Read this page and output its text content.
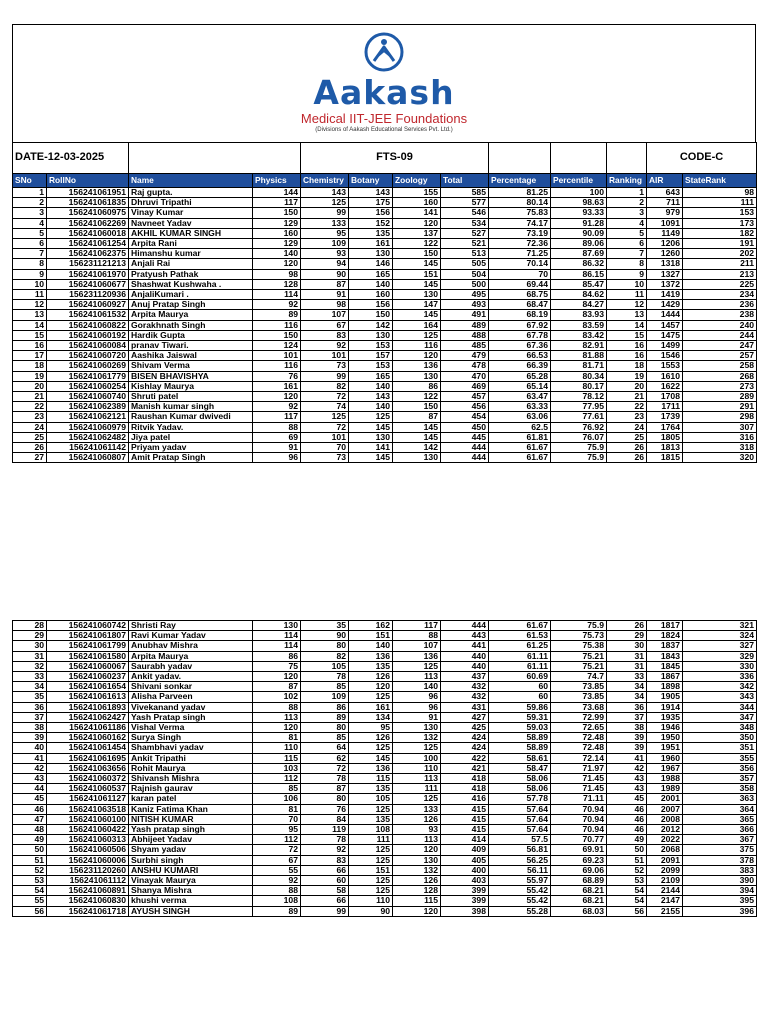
Aakash
Medical IIT-JEE Foundations
(Divisions of Aakash Educational Services Pvt. Ltd.)
DATE-12-03-2025				FTS-09							CODE-C	
SNo	RollNo	Name	Physics	Chemistry	Botany	Zoology	Total	Percentage	Percentile	Ranking	AIR	StateRank
1	156241061951	Raj gupta.	144	143	143	155	585	81.25	100	1	643	98
2	156241061835	Dhruvi Tripathi	117	125	175	160	577	80.14	98.63	2	711	111
3	156241060975	Vinay Kumar	150	99	156	141	546	75.83	93.33	3	979	153
4	156241062269	Navneet Yadav	129	133	152	120	534	74.17	91.28	4	1091	173
5	156241060018	AKHIL KUMAR SINGH	160	95	135	137	527	73.19	90.09	5	1149	182
6	156241061254	Arpita Rani	129	109	161	122	521	72.36	89.06	6	1206	191
7	156241062375	Himanshu kumar	140	93	130	150	513	71.25	87.69	7	1260	202
8	156231121213	Anjali Rai	120	94	146	145	505	70.14	86.32	8	1318	211
9	156241061970	Pratyush Pathak	98	90	165	151	504	70	86.15	9	1327	213
10	156241060677	Shashwat Kushwaha .	128	87	140	145	500	69.44	85.47	10	1372	225
11	156231120936	AnjaliKumari .	114	91	160	130	495	68.75	84.62	11	1419	234
12	156241060927	Anuj Pratap Singh	92	98	156	147	493	68.47	84.27	12	1429	236
13	156241061532	Arpita Maurya	89	107	150	145	491	68.19	83.93	13	1444	238
14	156241060822	Gorakhnath Singh	116	67	142	164	489	67.92	83.59	14	1457	240
15	156241060192	Hardik Gupta	150	83	130	125	488	67.78	83.42	15	1475	244
16	156241060084	pranav Tiwari.	124	92	153	116	485	67.36	82.91	16	1499	247
17	156241060720	Aashika Jaiswal	101	101	157	120	479	66.53	81.88	16	1546	257
18	156241060269	Shivam Verma	116	73	153	136	478	66.39	81.71	18	1553	258
19	156241061779	BISEN BHAVISHYA	76	99	165	130	470	65.28	80.34	19	1610	268
20	156241060254	Kishlay Maurya	161	82	140	86	469	65.14	80.17	20	1622	273
21	156241060740	Shruti patel	120	72	143	122	457	63.47	78.12	21	1708	289
22	156241062389	Manish kumar singh	92	74	140	150	456	63.33	77.95	22	1711	291
23	156241062121	Raushan Kumar dwivedi	117	125	125	87	454	63.06	77.61	23	1739	298
24	156241060979	Ritvik Yadav.	88	72	145	145	450	62.5	76.92	24	1764	307
25	156241062482	Jiya patel	69	101	130	145	445	61.81	76.07	25	1805	316
26	156241061142	Priyam yadav	91	70	141	142	444	61.67	75.9	26	1813	318
27	156241060807	Amit Pratap Singh	96	73	145	130	444	61.67	75.9	26	1815	320
28	156241060742	Shristi Ray	130	35	162	117	444	61.67	75.9	26	1817	321
29	156241061807	Ravi Kumar Yadav	114	90	151	88	443	61.53	75.73	29	1824	324
30	156241061799	Anubhav Mishra	114	80	140	107	441	61.25	75.38	30	1837	327
31	156241061580	Arpita Maurya	86	82	136	136	440	61.11	75.21	31	1843	329
32	156241060067	Saurabh yadav	75	105	135	125	440	61.11	75.21	31	1845	330
33	156241060237	Ankit yadav.	120	78	126	113	437	60.69	74.7	33	1867	336
34	156241061654	Shivani sonkar	87	85	120	140	432	60	73.85	34	1898	342
35	156241061613	Alisha Parveen	102	109	125	96	432	60	73.85	34	1905	343
36	156241061893	Vivekanand yadav	88	86	161	96	431	59.86	73.68	36	1914	344
37	156241062427	Yash Pratap singh	113	89	134	91	427	59.31	72.99	37	1935	347
38	156241061186	Vishal Verma	120	80	95	130	425	59.03	72.65	38	1946	348
39	156241060162	Surya Singh	81	85	126	132	424	58.89	72.48	39	1950	350
40	156241061454	Shambhavi yadav	110	64	125	125	424	58.89	72.48	39	1951	351
41	156241061695	Ankit Tripathi	115	62	145	100	422	58.61	72.14	41	1960	355
42	156241063656	Rohit Maurya	103	72	136	110	421	58.47	71.97	42	1967	356
43	156241060372	Shivansh Mishra	112	78	115	113	418	58.06	71.45	43	1988	357
44	156241060537	Rajnish gaurav	85	87	135	111	418	58.06	71.45	43	1989	358
45	156241061127	karan patel	106	80	105	125	416	57.78	71.11	45	2001	363
46	156241063518	Kaniz Fatima Khan	81	76	125	133	415	57.64	70.94	46	2007	364
47	156241060100	NITISH KUMAR	70	84	135	126	415	57.64	70.94	46	2008	365
48	156241060422	Yash pratap singh	95	119	108	93	415	57.64	70.94	46	2012	366
49	156241060313	Abhijeet Yadav	112	78	111	113	414	57.5	70.77	49	2022	367
50	156241060506	Shyam yadav	72	92	125	120	409	56.81	69.91	50	2068	375
51	156241060006	Surbhi singh	67	83	125	130	405	56.25	69.23	51	2091	378
52	156231120260	ANSHU KUMARI	55	66	151	132	400	56.11	69.06	52	2099	383
53	156241061112	Vinayak Maurya	92	60	125	126	403	55.97	68.89	53	2109	390
54	156241060891	Shanya Mishra	88	58	125	128	399	55.42	68.21	54	2144	394
55	156241060830	khushi verma	108	66	110	115	399	55.42	68.21	54	2147	395
56	156241061718	AYUSH SINGH	89	99	90	120	398	55.28	68.03	56	2155	396
